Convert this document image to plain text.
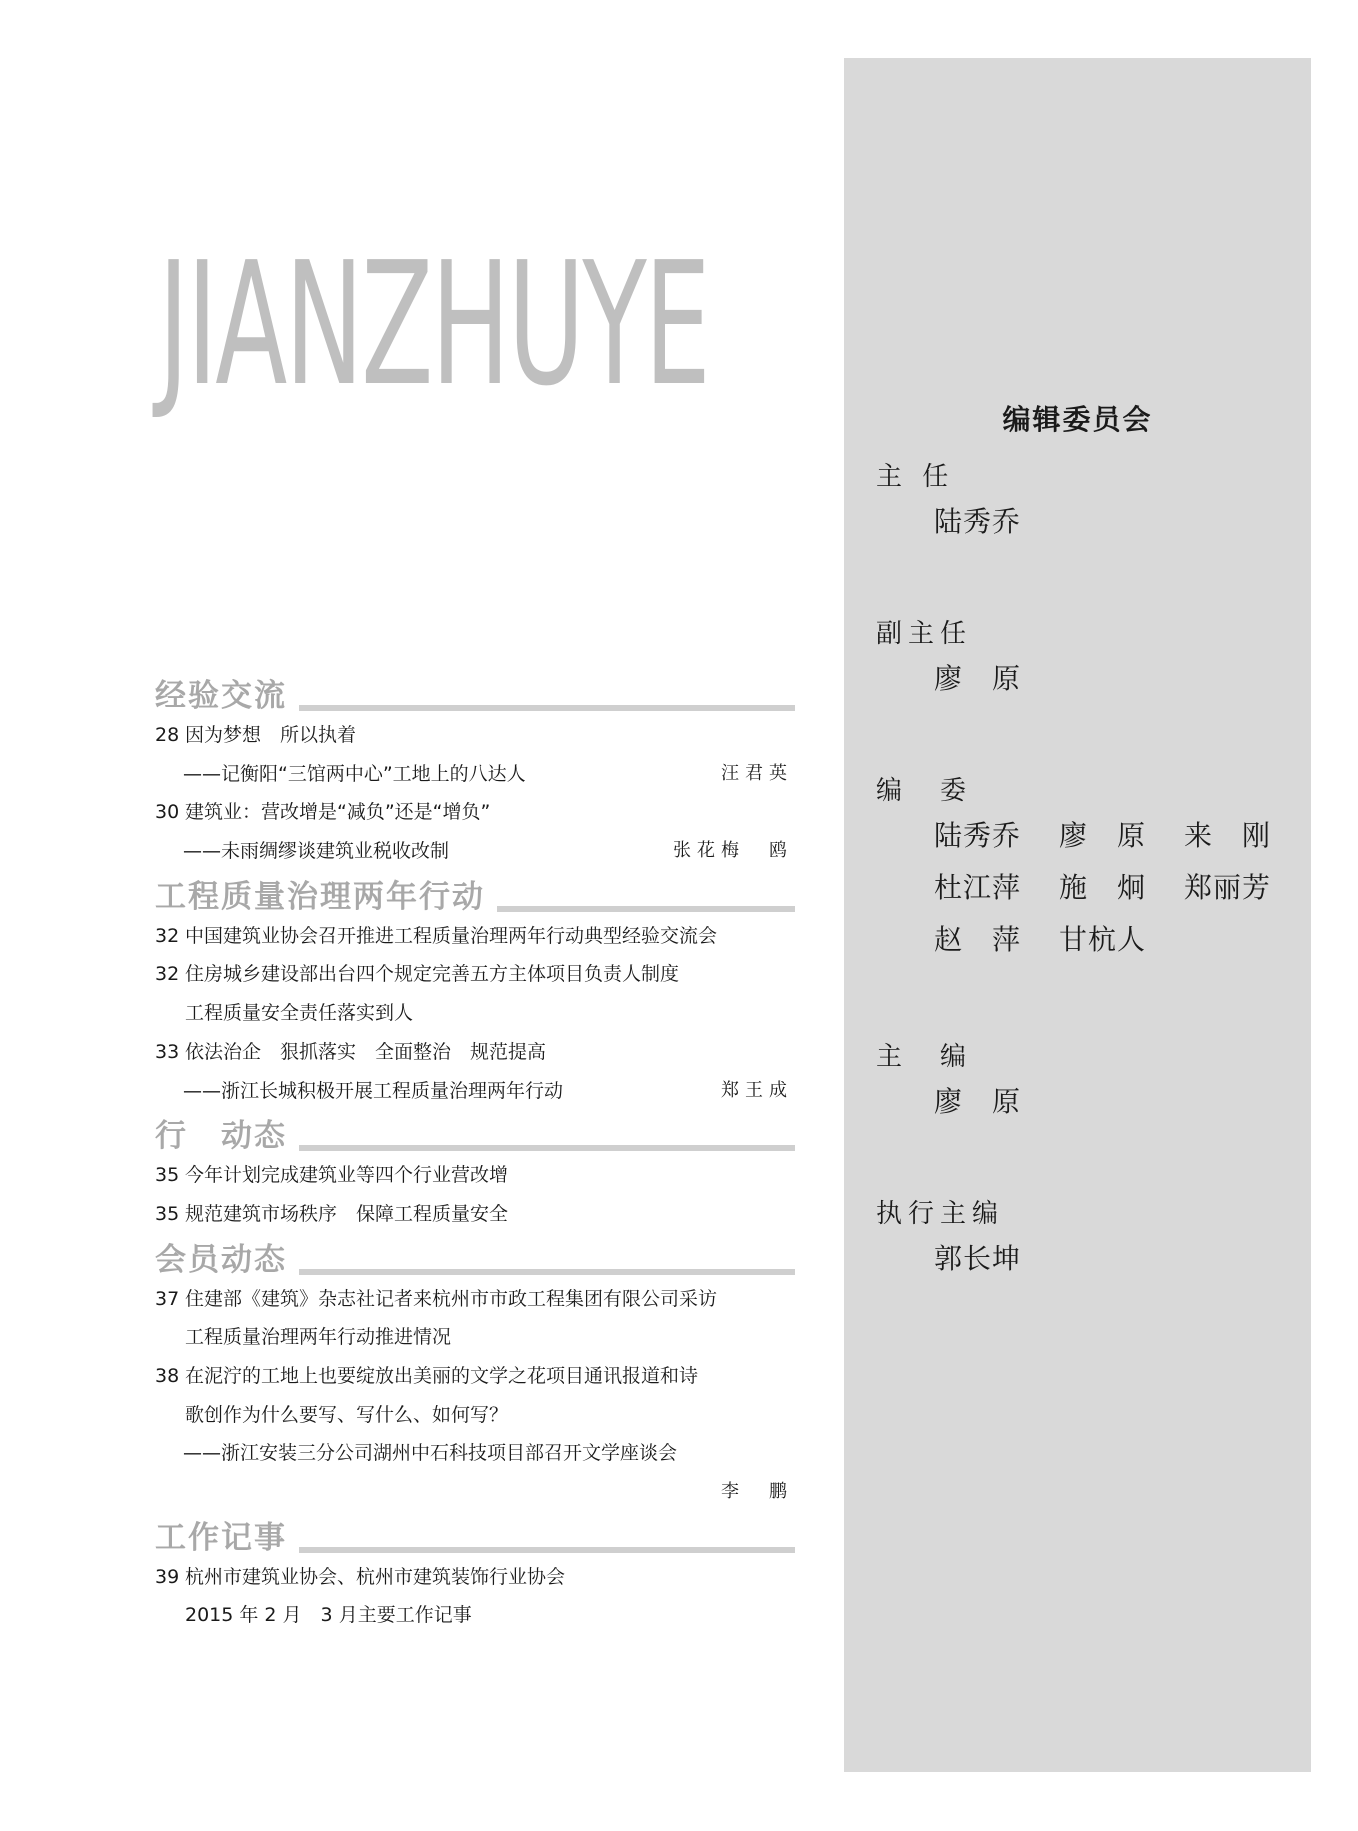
JIANZHUYE
经验交流
28 因为梦想　所以执着
——记衡阳“三馆两中心”工地上的八达人	汪君英
30 建筑业：营改增是“减负”还是“增负”
——未雨绸缪谈建筑业税收改制	张花梅　鸥
工程质量治理两年行动
32 中国建筑业协会召开推进工程质量治理两年行动典型经验交流会
32 住房城乡建设部出台四个规定完善五方主体项目负责人制度
工程质量安全责任落实到人
33 依法治企　狠抓落实　全面整治　规范提高
——浙江长城积极开展工程质量治理两年行动	郑王成
行　动态
35 今年计划完成建筑业等四个行业营改增
35 规范建筑市场秩序　保障工程质量安全
会员动态
37 住建部《建筑》杂志社记者来杭州市市政工程集团有限公司采访
工程质量治理两年行动推进情况
38 在泥泞的工地上也要绽放出美丽的文学之花项目通讯报道和诗
歌创作为什么要写、写什么、如何写？
——浙江安装三分公司湖州中石科技项目部召开文学座谈会
李　鹏
工作记事
39 杭州市建筑业协会、杭州市建筑装饰行业协会
2015 年 2 月　3 月主要工作记事
编辑委员会
主 任
陆秀乔
副主任
廖　原
编　委
陆秀乔 廖　原 来　刚
杜江萍 施　炯 郑丽芳
赵　萍 甘杭人
主　编
廖　原
执行主编
郭长坤
